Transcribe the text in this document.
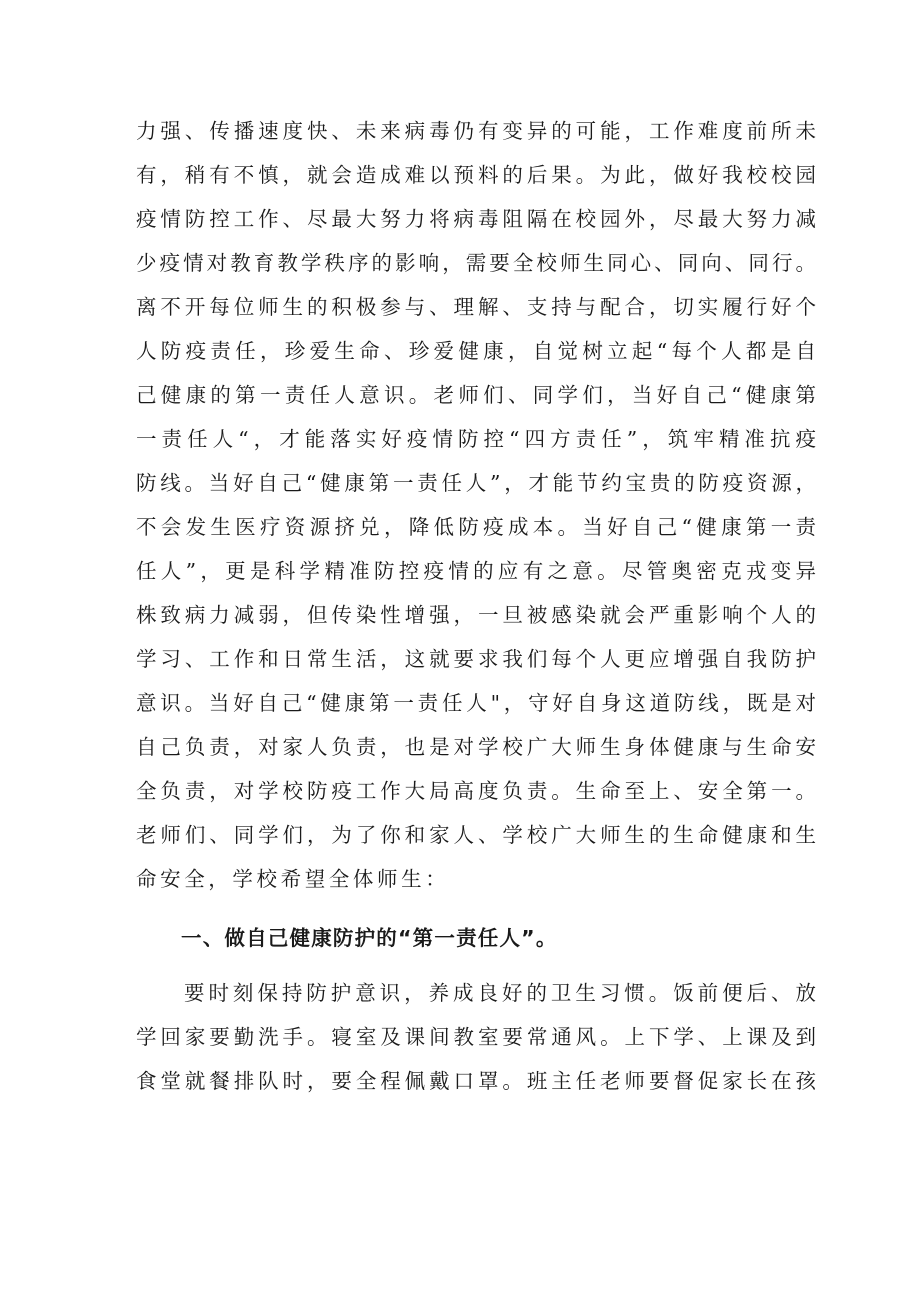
力强、传播速度快、未来病毒仍有变异的可能，工作难度前所未
有，稍有不慎，就会造成难以预料的后果。为此，做好我校校园
疫情防控工作、尽最大努力将病毒阻隔在校园外，尽最大努力减
少疫情对教育教学秩序的影响，需要全校师生同心、同向、同行。
离不开每位师生的积极参与、理解、支持与配合，切实履行好个
人防疫责任，珍爱生命、珍爱健康，自觉树立起“每个人都是自
己健康的第一责任人意识。老师们、同学们，当好自己“健康第
一责任人“，才能落实好疫情防控“四方责任”，筑牢精准抗疫
防线。当好自己“健康第一责任人”，才能节约宝贵的防疫资源，
不会发生医疗资源挤兑，降低防疫成本。当好自己“健康第一责
任人”，更是科学精准防控疫情的应有之意。尽管奥密克戎变异
株致病力减弱，但传染性增强，一旦被感染就会严重影响个人的
学习、工作和日常生活，这就要求我们每个人更应增强自我防护
意识。当好自己“健康第一责任人"，守好自身这道防线，既是对
自己负责，对家人负责，也是对学校广大师生身体健康与生命安
全负责，对学校防疫工作大局高度负责。生命至上、安全第一。
老师们、同学们，为了你和家人、学校广大师生的生命健康和生
命安全，学校希望全体师生：
一、做自己健康防护的“第一责任人”。
要时刻保持防护意识，养成良好的卫生习惯。饭前便后、放
学回家要勤洗手。寝室及课间教室要常通风。上下学、上课及到
食堂就餐排队时，要全程佩戴口罩。班主任老师要督促家长在孩
